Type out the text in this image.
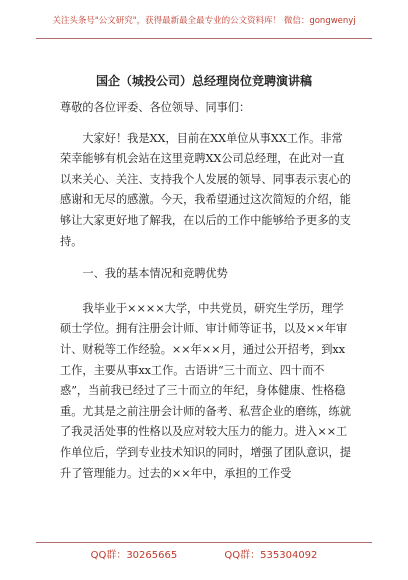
关注头条号"公文研究"，获得最新最全最专业的公文资料库！ 微信：gongwenyj
国企（城投公司）总经理岗位竞聘演讲稿

尊敬的各位评委、各位领导、同事们：

大家好！我是XX，目前在XX单位从事XX工作。非常荣幸能够有机会站在这里竞聘XX公司总经理，在此对一直以来关心、关注、支持我个人发展的领导、同事表示衷心的感谢和无尽的感激。今天，我希望通过这次简短的介绍，能够让大家更好地了解我，在以后的工作中能够给予更多的支持。

一、我的基本情况和竞聘优势

我毕业于××××大学，中共党员，研究生学历，理学硕士学位。拥有注册会计师、审计师等证书，以及××年审计、财税等工作经验。××年××月，通过公开招考，到xx工作，主要从事xx工作。古语讲“三十而立、四十而不惑”，当前我已经过了三十而立的年纪，身体健康、性格稳重。尤其是之前注册会计师的备考、私营企业的磨练，练就了我灵活处事的性格以及应对较大压力的能力。进入××工作单位后，学到专业技术知识的同时，增强了团队意识，提升了管理能力。过去的××年中，承担的工作受

QQ群：30265665	QQ群：535304092
